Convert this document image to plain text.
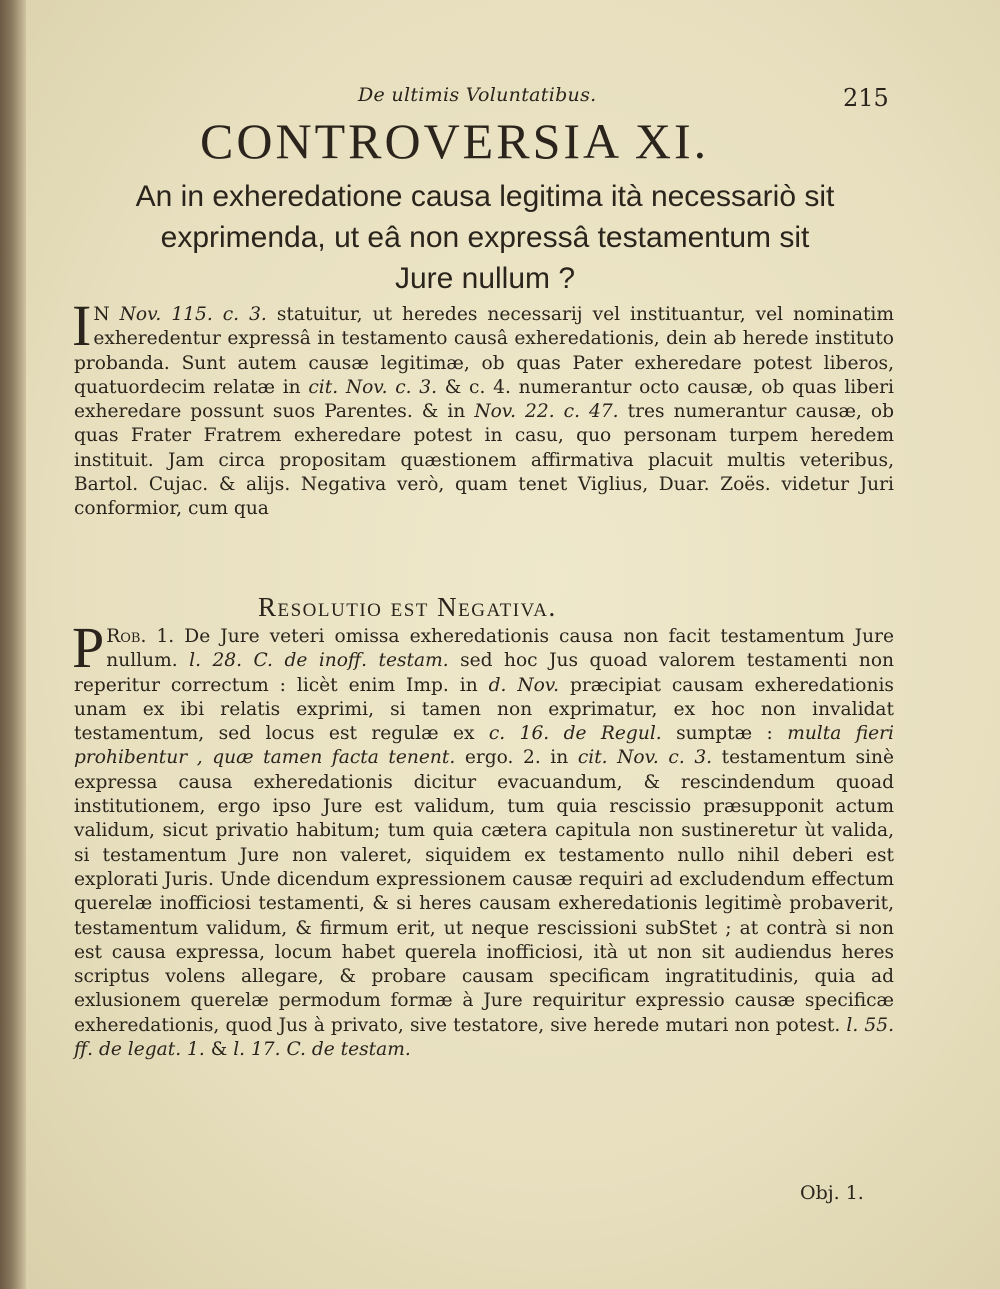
De ultimis Voluntatibus.	215
CONTROVERSIA XI.
An in exheredatione causa legitima ità necessariò sit
exprimenda, ut eâ non expressâ testamentum sit
Jure nullum ?
I N Nov. 115. c. 3. statuitur, ut heredes necessarij vel instituantur, vel nominatim exheredentur expressâ in testamento causâ exheredationis, dein ab herede instituto probanda. Sunt autem causæ legitimæ, ob quas Pater exheredare potest liberos, quatuordecim relatæ in cit. Nov. c. 3. & c. 4. numerantur octo causæ, ob quas liberi exheredare possunt suos Parentes. & in Nov. 22. c. 47. tres numerantur causæ, ob quas Frater Fratrem exheredare potest in casu, quo personam turpem heredem instituit. Jam circa propositam quæstionem affirmativa placuit multis veteribus, Bartol. Cujac. & alijs. Negativa verò, quam tenet Viglius, Duar. Zoës. videtur Juri conformior, cum qua
Resolutio est Negativa.
P Rob. 1. De Jure veteri omissa exheredationis causa non facit testamentum Jure nullum. l. 28. C. de inoff. testam. sed hoc Jus quoad valorem testamenti non reperitur correctum : licèt enim Imp. in d. Nov. præcipiat causam exheredationis unam ex ibi relatis exprimi, si tamen non exprimatur, ex hoc non invalidat testamentum, sed locus est regulæ ex c. 16. de Regul. sumptæ : multa fieri prohibentur , quæ tamen facta tenent. ergo. 2. in cit. Nov. c. 3. testamentum sinè expressa causa exheredationis dicitur evacuandum, & rescindendum quoad institutionem, ergo ipso Jure est validum, tum quia rescissio præsupponit actum validum, sicut privatio habitum; tum quia cætera capitula non sustineretur ùt valida, si testamentum Jure non valeret, siquidem ex testamento nullo nihil deberi est explorati Juris. Unde dicendum expressionem causæ requiri ad excludendum effectum querelæ inofficiosi testamenti, & si heres causam exheredationis legitimè probaverit, testamentum validum, & firmum erit, ut neque rescissioni subStet ; at contrà si non est causa expressa, locum habet querela inofficiosi, ità ut non sit audiendus heres scriptus volens allegare, & probare causam specificam ingratitudinis, quia ad exlusionem querelæ permodum formæ à Jure requiritur expressio causæ specificæ exheredationis, quod Jus à privato, sive testatore, sive herede mutari non potest. l. 55. ff. de legat. 1. & l. 17. C. de testam.
Obj. 1.
